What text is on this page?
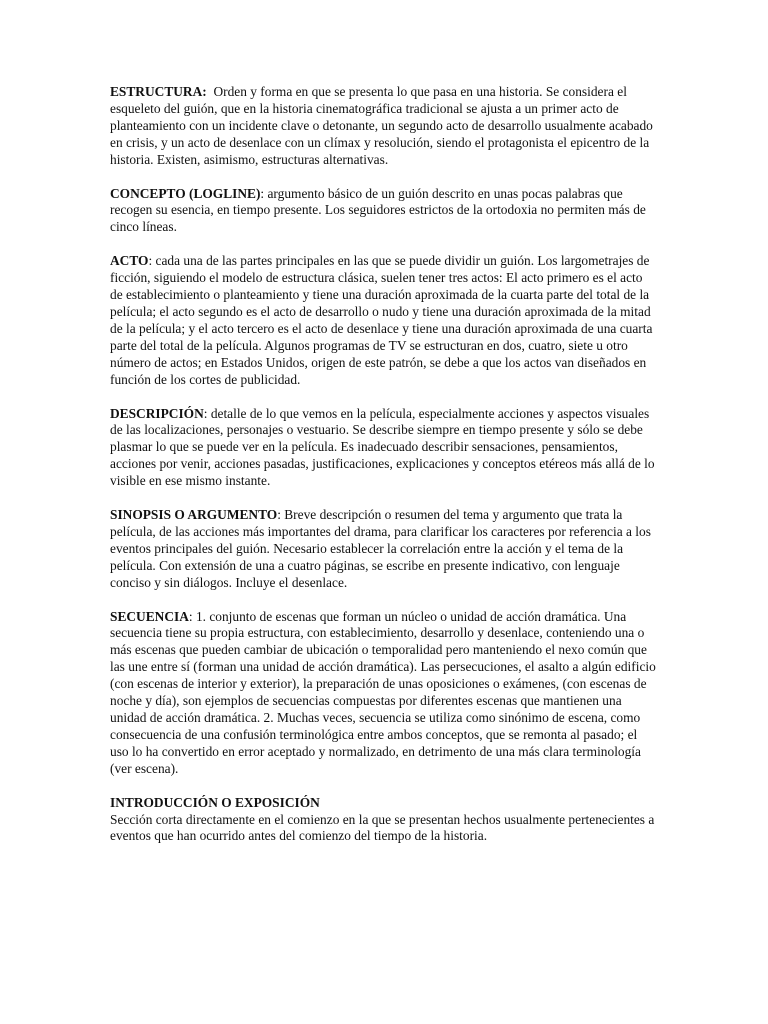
ESTRUCTURA: Orden y forma en que se presenta lo que pasa en una historia. Se considera el esqueleto del guión, que en la historia cinematográfica tradicional se ajusta a un primer acto de planteamiento con un incidente clave o detonante, un segundo acto de desarrollo usualmente acabado en crisis, y un acto de desenlace con un clímax y resolución, siendo el protagonista el epicentro de la historia. Existen, asimismo, estructuras alternativas.

CONCEPTO (LOGLINE): argumento básico de un guión descrito en unas pocas palabras que recogen su esencia, en tiempo presente. Los seguidores estrictos de la ortodoxia no permiten más de cinco líneas.

ACTO: cada una de las partes principales en las que se puede dividir un guión. Los largometrajes de ficción, siguiendo el modelo de estructura clásica, suelen tener tres actos: El acto primero es el acto de establecimiento o planteamiento y tiene una duración aproximada de la cuarta parte del total de la película; el acto segundo es el acto de desarrollo o nudo y tiene una duración aproximada de la mitad de la película; y el acto tercero es el acto de desenlace y tiene una duración aproximada de una cuarta parte del total de la película. Algunos programas de TV se estructuran en dos, cuatro, siete u otro número de actos; en Estados Unidos, origen de este patrón, se debe a que los actos van diseñados en función de los cortes de publicidad.

DESCRIPCIÓN: detalle de lo que vemos en la película, especialmente acciones y aspectos visuales de las localizaciones, personajes o vestuario. Se describe siempre en tiempo presente y sólo se debe plasmar lo que se puede ver en la película. Es inadecuado describir sensaciones, pensamientos, acciones por venir, acciones pasadas, justificaciones, explicaciones y conceptos etéreos más allá de lo visible en ese mismo instante.

SINOPSIS O ARGUMENTO: Breve descripción o resumen del tema y argumento que trata la película, de las acciones más importantes del drama, para clarificar los caracteres por referencia a los eventos principales del guión. Necesario establecer la correlación entre la acción y el tema de la película. Con extensión de una a cuatro páginas, se escribe en presente indicativo, con lenguaje conciso y sin diálogos. Incluye el desenlace.

SECUENCIA: 1. conjunto de escenas que forman un núcleo o unidad de acción dramática. Una secuencia tiene su propia estructura, con establecimiento, desarrollo y desenlace, conteniendo una o más escenas que pueden cambiar de ubicación o temporalidad pero manteniendo el nexo común que las une entre sí (forman una unidad de acción dramática). Las persecuciones, el asalto a algún edificio (con escenas de interior y exterior), la preparación de unas oposiciones o exámenes, (con escenas de noche y día), son ejemplos de secuencias compuestas por diferentes escenas que mantienen una unidad de acción dramática. 2. Muchas veces, secuencia se utiliza como sinónimo de escena, como consecuencia de una confusión terminológica entre ambos conceptos, que se remonta al pasado; el uso lo ha convertido en error aceptado y normalizado, en detrimento de una más clara terminología (ver escena).

INTRODUCCIÓN O EXPOSICIÓN
Sección corta directamente en el comienzo en la que se presentan hechos usualmente pertenecientes a eventos que han ocurrido antes del comienzo del tiempo de la historia.
